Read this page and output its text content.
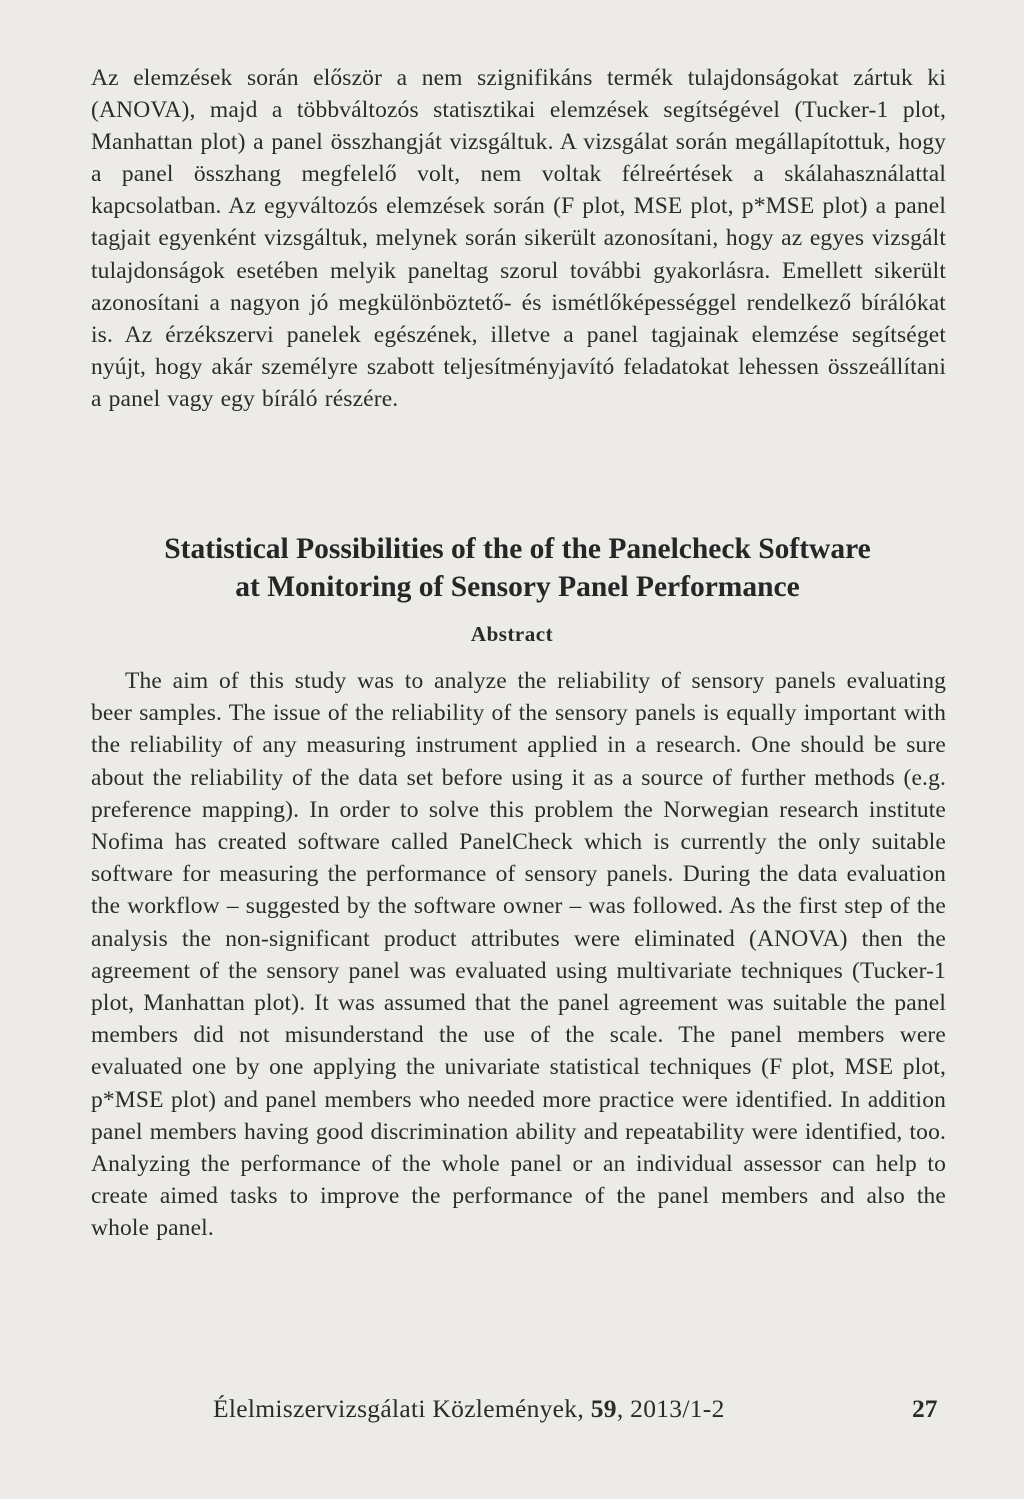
Az elemzések során először a nem szignifikáns termék tulajdonságokat zártuk ki (ANOVA), majd a többváltozós statisztikai elemzések segítségével (Tucker-1 plot, Manhattan plot) a panel összhangját vizsgáltuk. A vizsgálat során megállapítottuk, hogy a panel összhang megfelelő volt, nem voltak félreértések a skálahasználattal kapcsolatban. Az egyváltozós elemzések során (F plot, MSE plot, p*MSE plot) a panel tagjait egyenként vizsgáltuk, melynek során sikerült azonosítani, hogy az egyes vizsgált tulajdonságok esetében melyik paneltag szorul további gyakorlásra. Emellett sikerült azonosítani a nagyon jó megkülönböztető- és ismétlőképességgel rendelkező bírálókat is. Az érzékszervi panelek egészének, illetve a panel tagjainak elemzése segítséget nyújt, hogy akár személyre szabott teljesítményjavító feladatokat lehessen összeállítani a panel vagy egy bíráló részére.

Statistical Possibilities of the of the Panelcheck Software
at Monitoring of Sensory Panel Performance
Abstract

The aim of this study was to analyze the reliability of sensory panels evaluating beer samples. The issue of the reliability of the sensory panels is equally important with the reliability of any measuring instrument applied in a research. One should be sure about the reliability of the data set before using it as a source of further methods (e.g. preference mapping). In order to solve this problem the Norwegian research institute Nofima has created software called PanelCheck which is currently the only suitable software for measuring the performance of sensory panels. During the data evaluation the workflow – suggested by the software owner – was followed. As the first step of the analysis the non-significant product attributes were eliminated (ANOVA) then the agreement of the sensory panel was evaluated using multivariate techniques (Tucker-1 plot, Manhattan plot). It was assumed that the panel agreement was suitable the panel members did not misunderstand the use of the scale. The panel members were evaluated one by one applying the univariate statistical techniques (F plot, MSE plot, p*MSE plot) and panel members who needed more practice were identified. In addition panel members having good discrimination ability and repeatability were identified, too. Analyzing the performance of the whole panel or an individual assessor can help to create aimed tasks to improve the performance of the panel members and also the whole panel.

Élelmiszervizsgálati Közlemények, 59, 2013/1-2	27
